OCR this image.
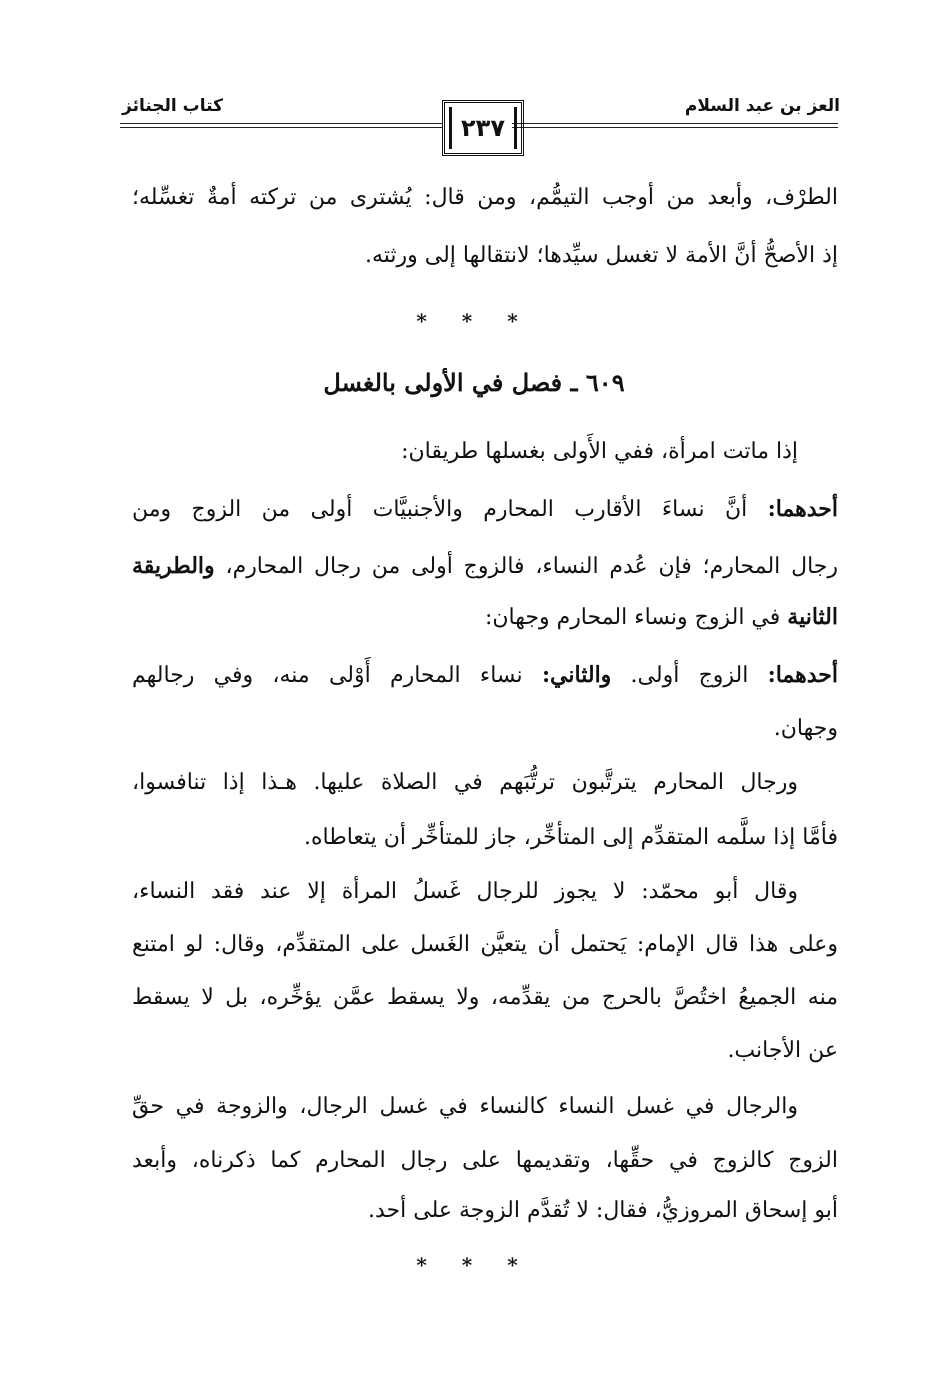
العز بن عبد السلام
كتاب الجنائز
٢٣٧
الطرْف، وأبعد من أوجب التيمُّم، ومن قال: يُشترى من تركته أمةٌ تغسِّله؛
إذ الأصحُّ أنَّ الأمة لا تغسل سيِّدها؛ لانتقالها إلى ورثته.
* * *
٦٠٩ ـ فصل في الأولى بالغسل
إذا ماتت امرأة، ففي الأَولى بغسلها طريقان:
أحدهما: أنَّ نساءَ الأقارب المحارم والأجنبيَّات أولى من الزوج ومن
رجال المحارم؛ فإن عُدم النساء، فالزوج أولى من رجال المحارم، والطريقة
الثانية في الزوج ونساء المحارم وجهان:
أحدهما: الزوج أولى. والثاني: نساء المحارم أَوْلى منه، وفي رجالهم
وجهان.
ورجال المحارم يترتَّبون ترتُّبَهم في الصلاة عليها. هـذا إذا تنافسوا،
فأمَّا إذا سلَّمه المتقدِّم إلى المتأخِّر، جاز للمتأخِّر أن يتعاطاه.
وقال أبو محمّد: لا يجوز للرجال غَسلُ المرأة إلا عند فقد النساء،
وعلى هذا قال الإمام: يَحتمل أن يتعيَّن الغَسل على المتقدِّم، وقال: لو امتنع
منه الجميعُ اختُصَّ بالحرج من يقدِّمه، ولا يسقط عمَّن يؤخِّره، بل لا يسقط
عن الأجانب.
والرجال في غسل النساء كالنساء في غسل الرجال، والزوجة في حقِّ
الزوج كالزوج في حقِّها، وتقديمها على رجال المحارم كما ذكرناه، وأبعد
أبو إسحاق المروزيُّ، فقال: لا تُقدَّم الزوجة على أحد.
* * *
